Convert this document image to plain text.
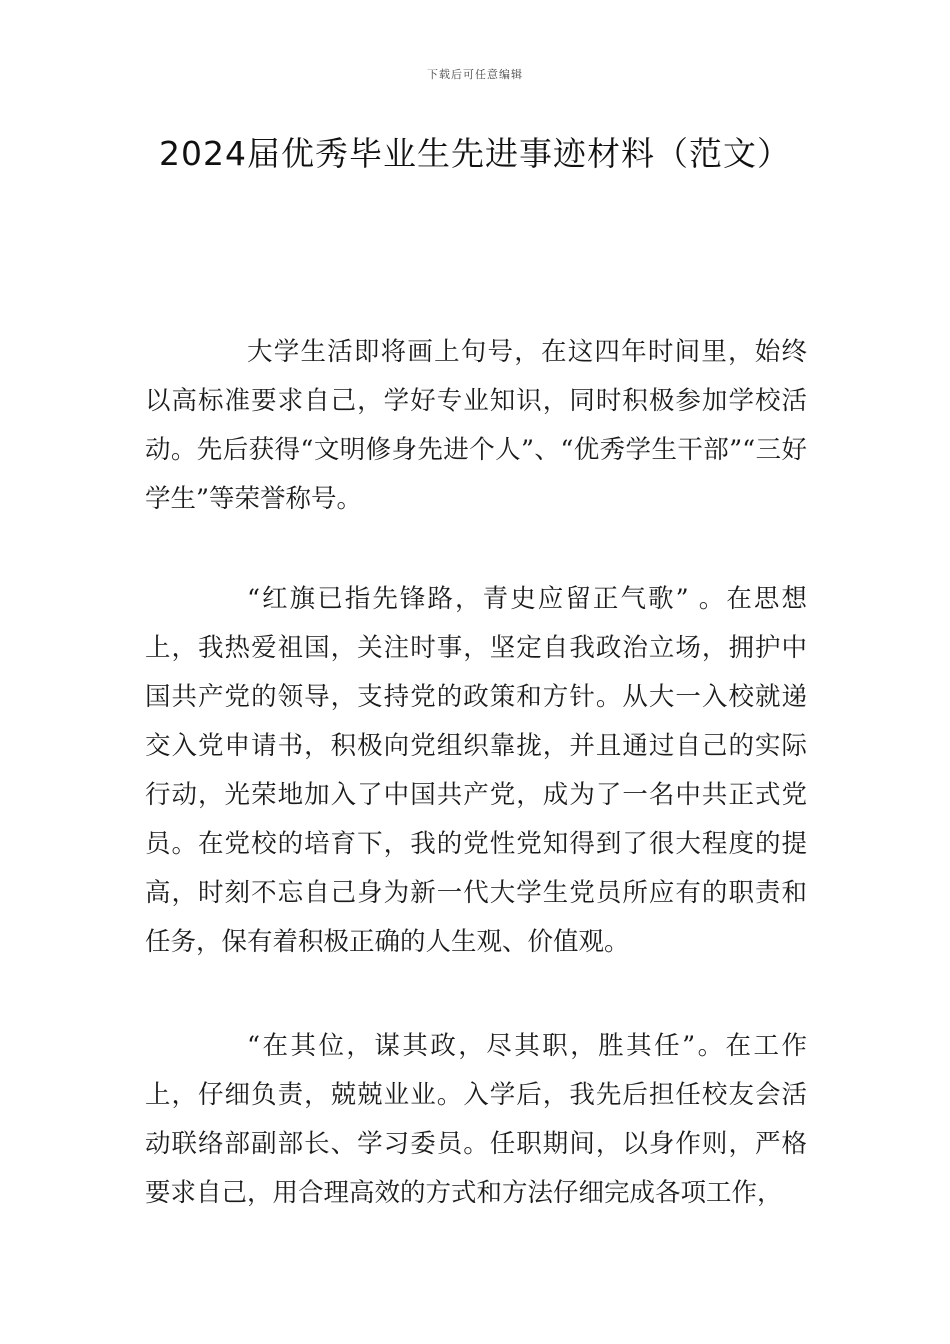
下载后可任意编辑
2024届优秀毕业生先进事迹材料（范文）

大学生活即将画上句号，在这四年时间里，始终以高标准要求自己，学好专业知识，同时积极参加学校活动。先后获得“文明修身先进个人”、“优秀学生干部”“三好学生”等荣誉称号。

“红旗已指先锋路，青史应留正气歌” 。在思想上，我热爱祖国，关注时事，坚定自我政治立场，拥护中国共产党的领导，支持党的政策和方针。从大一入校就递交入党申请书，积极向党组织靠拢，并且通过自己的实际行动，光荣地加入了中国共产党，成为了一名中共正式党员。在党校的培育下，我的党性党知得到了很大程度的提高，时刻不忘自己身为新一代大学生党员所应有的职责和任务，保有着积极正确的人生观、价值观。

“在其位，谋其政，尽其职，胜其任”。在工作上，仔细负责，兢兢业业。入学后，我先后担任校友会活动联络部副部长、学习委员。任职期间，以身作则，严格要求自己，用合理高效的方式和方法仔细完成各项工作，
